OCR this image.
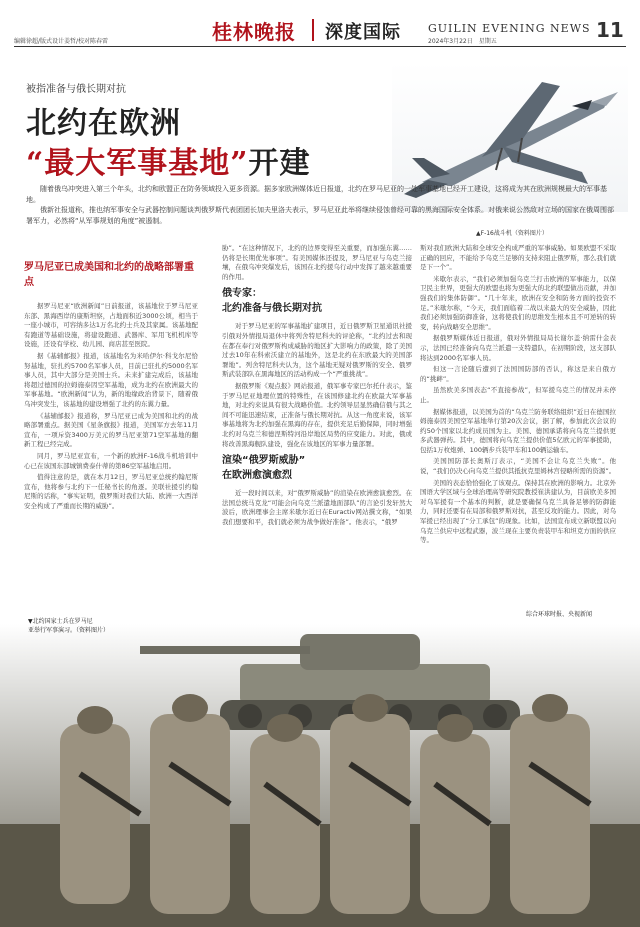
编辑徐超/版式设计姜哲/校对陈春雷	桂林晚报 深度国际 GUILIN EVENING NEWS
2024年3月22日　星期五	11
▲F-16战斗机（资料图片）
被指准备与俄长期对抗
北约在欧洲
“最大军事基地”开建

随着俄乌冲突进入第三个年头，北约和欧盟正在防务领域投入更多资源。据多家欧洲媒体近日报道，北约在罗马尼亚的一处军事基地已经开工建设，这将成为其在欧洲规模最大的军事基地。

俄新社报道称，推也纳军事安全与武器控制问题谈判俄罗斯代表团团长加夫里洛夫表示，罗马尼亚此举将继续侵蚀曾经可靠的黑海国际安全体系。对俄来说公然敌对立场的国家在俄周围部署军力，必然将“从军事规划的角度”被遏制。

罗马尼亚已成美国和北约的战略部署重点

据罗马尼亚“欧洲新闻”日前报道，该基地位于罗马尼亚东部、黑海西岸的康斯坦察，占地面积近3000公顷，相当于一座小城市，可容纳多达1万名北约士兵及其家属。该基地配有跑道等基础设施，将建设跑道、武器库、军用飞机机库等设施，还设有学校、幼儿园、商店甚至医院。

据《基辅邮报》报道，该基地名为米哈伊尔·科戈尔尼恰努基地，驻扎约5700名军事人员，目前已驻扎约5000名军事人员，其中大部分是美国士兵。未来扩建完成后，该基地将超过德国的拉姆施泰因空军基地，成为北约在欧洲最大的军事基地。“欧洲新闻”认为，新的地缘政治背景下，随着俄乌冲突发生，该基地的建设增强了北约的东翼力量。

《基辅邮报》报道称，罗马尼亚已成为美国和北约的战略部署重点。据美国《星条旗报》报道，美国军方去年11月宣布，一项斥资3400万美元的罗马尼亚第71空军基地的翻新工程已经完成。

同月，罗马尼亚宣布，一个新的欧洲F-16战斗机培训中心已在该国东部城镇费泰什蒂的第86空军基地启用。

值得注意的是，就在本月12日，罗马尼亚总统约翰尼斯宣布，他将参与北约下一任秘书长的角逐。美联社援引约翰尼斯的话称，“事实证明，俄罗斯对我们大陆、欧洲一大西洋安全构成了严重而长期的威胁”。

胁”。“在这种情况下，北约的边界变得至关重要，而加强东翼……仍将是长期优先事项”。有美国媒体还提及，罗马尼亚与乌克兰接壤，在俄乌冲突爆发后，该国在北约援乌行动中发挥了越来越重要的作用。

俄专家：
北约准备与俄长期对抗

对于罗马尼亚的军事基地扩建项目，近日俄罗斯卫星通讯社援引俄对外情报局退休中将列舍特尼科夫的评论称，“北约过去和现在都在奉行对俄罗斯构成威胁的地区扩大影响力的政策，除了美国过去10年在科索沃建立的基地外，这是北约在东欧最大的美国部署地”。列舍特尼科夫认为，这个基地无疑对俄罗斯的安全、俄罗斯武装部队在黑海地区的活动构成一个“严重挑战”。

据俄罗斯《观点报》网站报道，俄军事专家巴尔托什表示，鉴于罗马尼亚地理位置的特殊性，在该国修建北约在欧最大军事基地，对北约来说具有很大战略价值。北约领导层显然确信俄与其之间不可能迅速结束，正准备与俄长期对抗。从这一角度来说，该军事基地将为北约加强在黑海的存在，提供充足后勤保障，同时增强北约对乌克兰和德涅斯特河沿岸地区局势的应变能力。对此，俄或将改善黑海舰队建设，强化在该地区的军事力量部署。

渲染“俄罗斯威胁”
在欧洲愈演愈烈

近一段时间以来，对“俄罗斯威胁”的渲染在欧洲愈演愈烈。在法国总统马克龙“可能会向乌克兰派遣地面部队”的言论引发轩然大波后，欧洲理事会主席米歇尔近日在Euractiv网站撰文称，“如果我们想要和平，我们就必须为战争做好准备”。他表示，“俄罗

斯对我们欧洲大陆和全球安全构成严重的军事威胁。如果欧盟不采取正确的回应，不能给予乌克兰足够的支持来阻止俄罗斯，那么我们就是下一个”。

米歇尔表示，“我们必须加强乌克兰打击欧洲的军事能力，以保卫民主世界，更强大的欧盟也将为更强大的北约联盟做出贡献，并加强我们的集体防御”。“几十年来，欧洲在安全和防务方面的投资不足。”米歇尔称，“今天，我们面临着二战以来最大的安全威胁，因此我们必须加强防御准备，这将使我们的思维发生根本且不可逆转的转变，转向战略安全思维”。

据俄罗斯媒体近日报道，俄对外情报局局长谢尔盖·纳雷什金表示，法国已经准备向乌克兰派遣一支特遣队，在初期阶段，这支部队将达到2000名军事人员。

但这一言论随后遭到了法国国防部的否认，称这是来自俄方的“挑衅”。

虽然欧美多国表态“不直接参战”，但军援乌克兰的情况并未停止。

据媒体报道，以美国为首的“乌克兰防务联络组织”近日在德国拉姆施泰因美国空军基地举行第20次会议，据了解，参加此次会议的约50个国家以北约成员国为主。美国、德国承诺将向乌克兰提供更多武器弹药。其中，德国将向乌克兰提供价值5亿欧元的军事援助，包括1万枚炮弹、100辆步兵装甲车和100辆运输车。

美国国防部长奥斯汀表示，“美国不会让乌克兰失败”。他说，“我们仍决心向乌克兰提供其抵抗克里姆林宫侵略所需的资源”。

美国的表态恰恰强化了该观点。保持其在欧洲的影响力。北京外国语大学区域与全球治理高等研究院教授崔洪建认为，目前欧美多国对乌军援有一个基本的判断，就是要确保乌克兰具备足够的防御能力，同时还要有在局部和俄罗斯对抗，甚至反攻的能力。因此，对乌军援已经出现了“分工承包”的现象。比如，法国宣布成立新联盟以向乌克兰供应中远程武器，波兰现在主要负责装甲车和坦克方面的供应等。

综合环球时报、央视新闻
▼北约国家士兵在罗马尼
亚举行军事演习。（资料图片）
